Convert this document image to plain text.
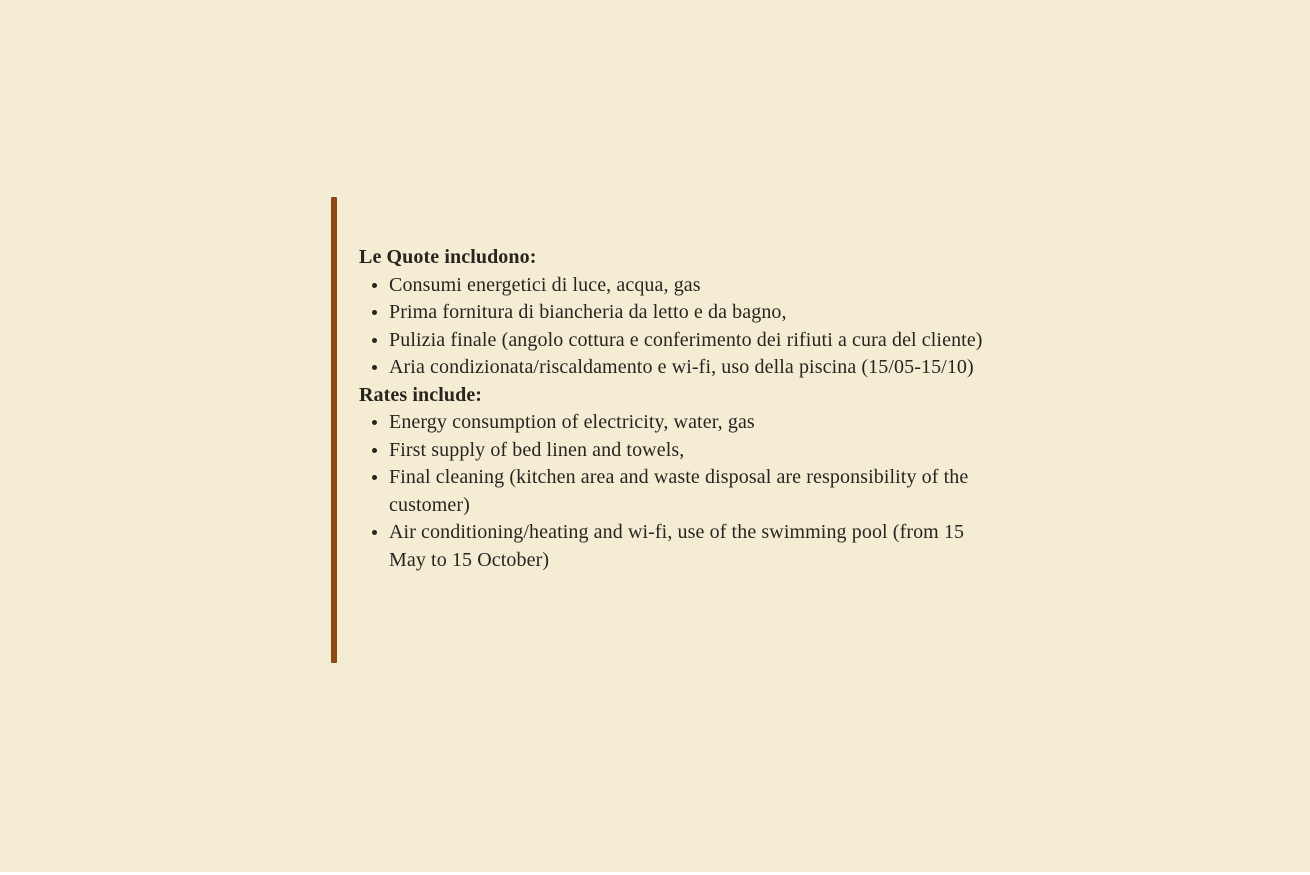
Le Quote includono:
• Consumi energetici di luce, acqua, gas
• Prima fornitura di biancheria da letto e da bagno,
• Pulizia finale (angolo cottura e conferimento dei rifiuti a cura del cliente)
• Aria condizionata/riscaldamento e wi-fi, uso della piscina (15/05-15/10)
Rates include:
• Energy consumption of electricity, water, gas
• First supply of bed linen and towels,
• Final cleaning (kitchen area and waste disposal are responsibility of the customer)
• Air conditioning/heating and wi-fi, use of the swimming pool (from 15 May to 15 October)
